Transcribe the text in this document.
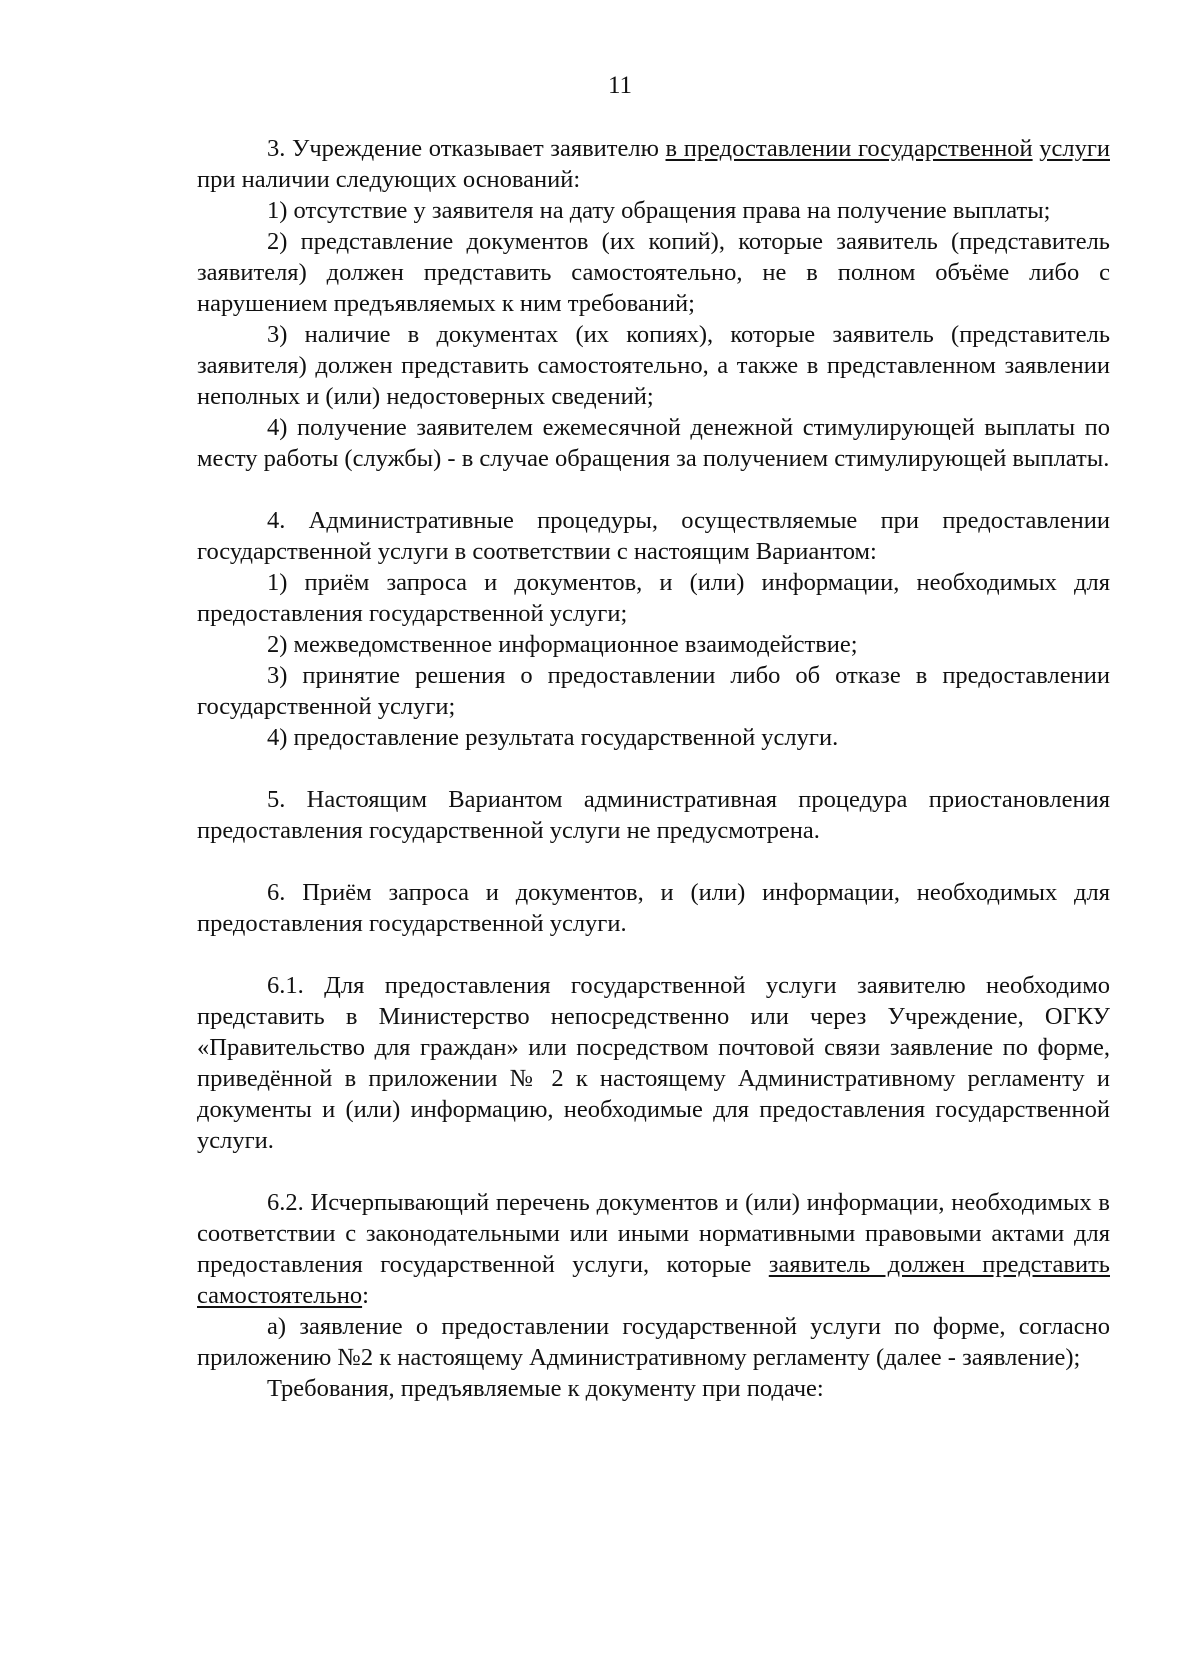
11

3. Учреждение отказывает заявителю в предоставлении государственной услуги при наличии следующих оснований:

1) отсутствие у заявителя на дату обращения права на получение выплаты;

2) представление документов (их копий), которые заявитель (представитель заявителя) должен представить самостоятельно, не в полном объёме либо с нарушением предъявляемых к ним требований;

3) наличие в документах (их копиях), которые заявитель (представитель заявителя) должен представить самостоятельно, а также в представленном заявлении неполных и (или) недостоверных сведений;

4) получение заявителем ежемесячной денежной стимулирующей выплаты по месту работы (службы) - в случае обращения за получением стимулирующей выплаты.

4. Административные процедуры, осуществляемые при предоставлении государственной услуги в соответствии с настоящим Вариантом:

1) приём запроса и документов, и (или) информации, необходимых для предоставления государственной услуги;

2) межведомственное информационное взаимодействие;

3) принятие решения о предоставлении либо об отказе в предоставлении государственной услуги;

4) предоставление результата государственной услуги.

5. Настоящим Вариантом административная процедура приостановления предоставления государственной услуги не предусмотрена.

6. Приём запроса и документов, и (или) информации, необходимых для предоставления государственной услуги.

6.1. Для предоставления государственной услуги заявителю необходимо представить в Министерство непосредственно или через Учреждение, ОГКУ «Правительство для граждан» или посредством почтовой связи заявление по форме, приведённой в приложении № 2 к настоящему Административному регламенту и документы и (или) информацию, необходимые для предоставления государственной услуги.

6.2. Исчерпывающий перечень документов и (или) информации, необходимых в соответствии с законодательными или иными нормативными правовыми актами для предоставления государственной услуги, которые заявитель должен представить самостоятельно:

а) заявление о предоставлении государственной услуги по форме, согласно приложению №2 к настоящему Административному регламенту (далее - заявление);

Требования, предъявляемые к документу при подаче:
